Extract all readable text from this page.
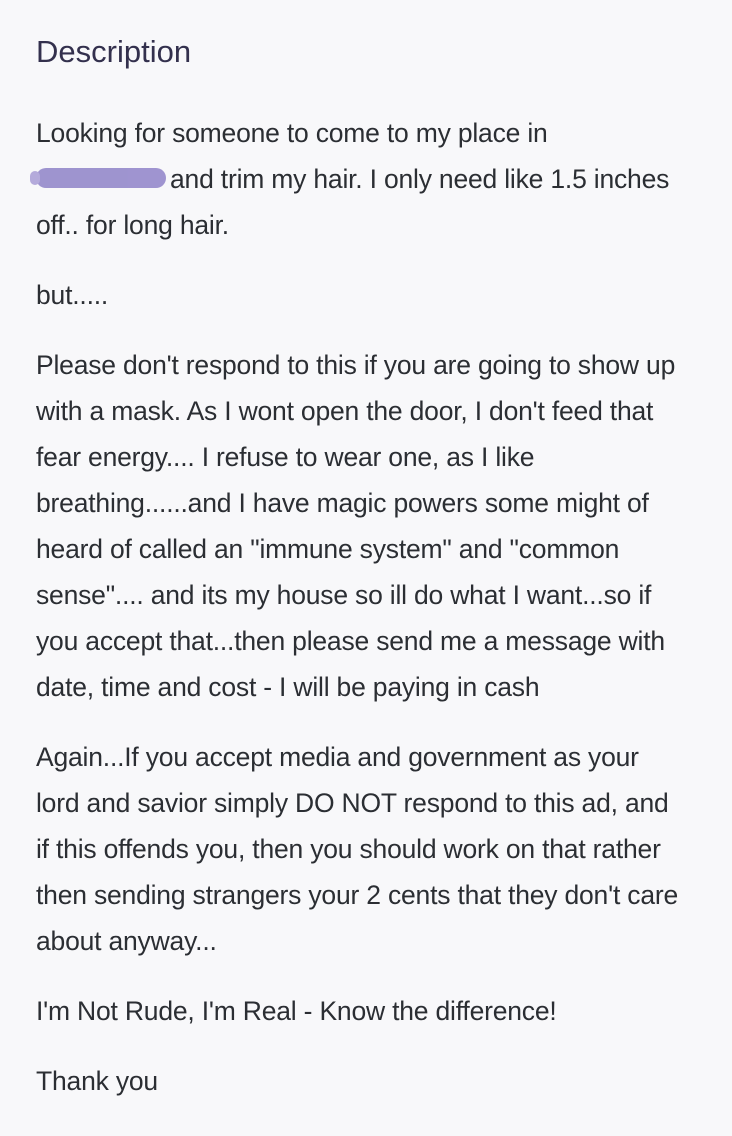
Description
Looking for someone to come to my place in
and trim my hair. I only need like 1.5 inches
off.. for long hair.
but.....
Please don't respond to this if you are going to show up with a mask. As I wont open the door, I don't feed that fear energy.... I refuse to wear one, as I like breathing......and I have magic powers some might of heard of called an "immune system" and "common sense".... and its my house so ill do what I want...so if you accept that...then please send me a message with date, time and cost - I will be paying in cash
Again...If you accept media and government as your lord and savior simply DO NOT respond to this ad, and if this offends you, then you should work on that rather then sending strangers your 2 cents that they don't care about anyway...
I'm Not Rude, I'm Real - Know the difference!
Thank you
